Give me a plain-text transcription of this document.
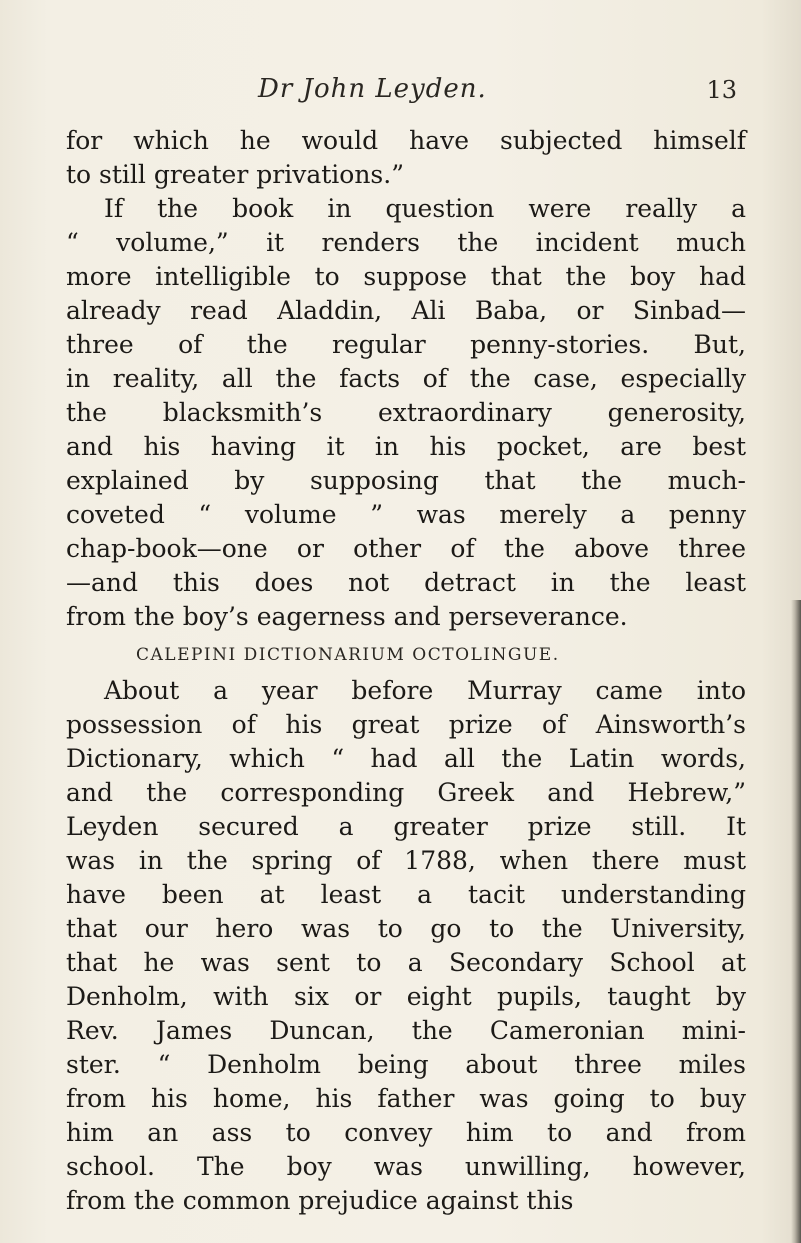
Dr John Leyden.	13
for which he would have subjected himself
to still greater privations.”
If the book in question were really a
“ volume,” it renders the incident much
more intelligible to suppose that the boy had
already read Aladdin, Ali Baba, or Sinbad—
three of the regular penny-stories. But,
in reality, all the facts of the case, especially
the blacksmith’s extraordinary generosity,
and his having it in his pocket, are best
explained by supposing that the much-
coveted “ volume ” was merely a penny
chap-book—one or other of the above three
—and this does not detract in the least
from the boy’s eagerness and perseverance.
CALEPINI DICTIONARIUM OCTOLINGUE.
About a year before Murray came into
possession of his great prize of Ainsworth’s
Dictionary, which “ had all the Latin words,
and the corresponding Greek and Hebrew,”
Leyden secured a greater prize still. It
was in the spring of 1788, when there must
have been at least a tacit understanding
that our hero was to go to the University,
that he was sent to a Secondary School at
Denholm, with six or eight pupils, taught by
Rev. James Duncan, the Cameronian mini-
ster. “ Denholm being about three miles
from his home, his father was going to buy
him an ass to convey him to and from
school. The boy was unwilling, however,
from the common prejudice against this
